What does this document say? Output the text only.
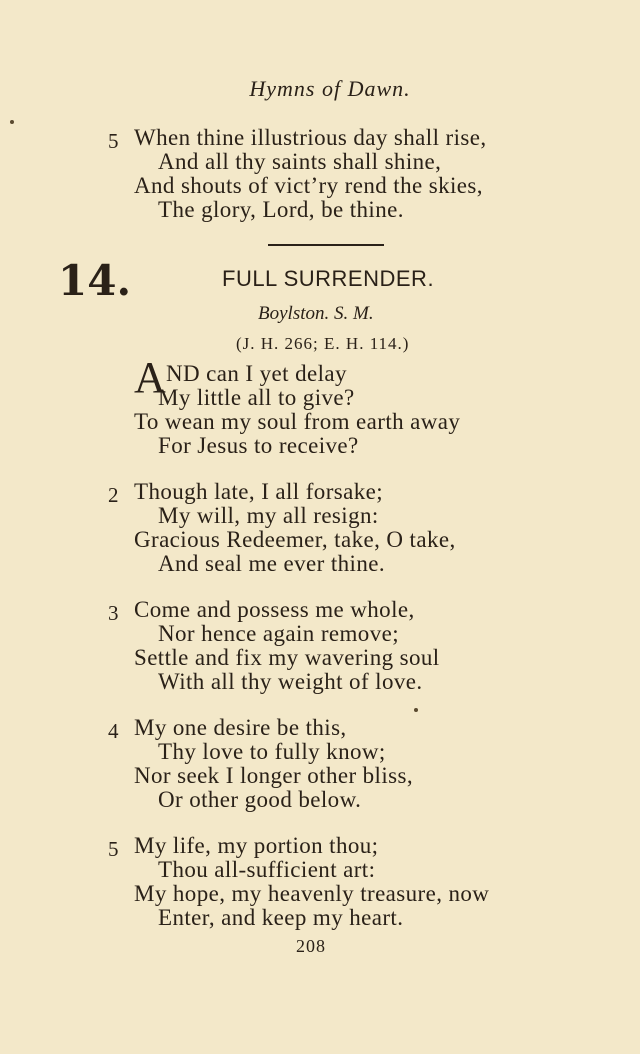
Hymns of Dawn.
5 When thine illustrious day shall rise,
And all thy saints shall shine,
And shouts of vict’ry rend the skies,
The glory, Lord, be thine.
14.	FULL SURRENDER.
Boylston. S. M.
(J. H. 266; E. H. 114.)
A ND can I yet delay
My little all to give?
To wean my soul from earth away
For Jesus to receive?
2 Though late, I all forsake;
My will, my all resign:
Gracious Redeemer, take, O take,
And seal me ever thine.
3 Come and possess me whole,
Nor hence again remove;
Settle and fix my wavering soul
With all thy weight of love.
4 My one desire be this,
Thy love to fully know;
Nor seek I longer other bliss,
Or other good below.
5 My life, my portion thou;
Thou all-sufficient art:
My hope, my heavenly treasure, now
Enter, and keep my heart.
208
